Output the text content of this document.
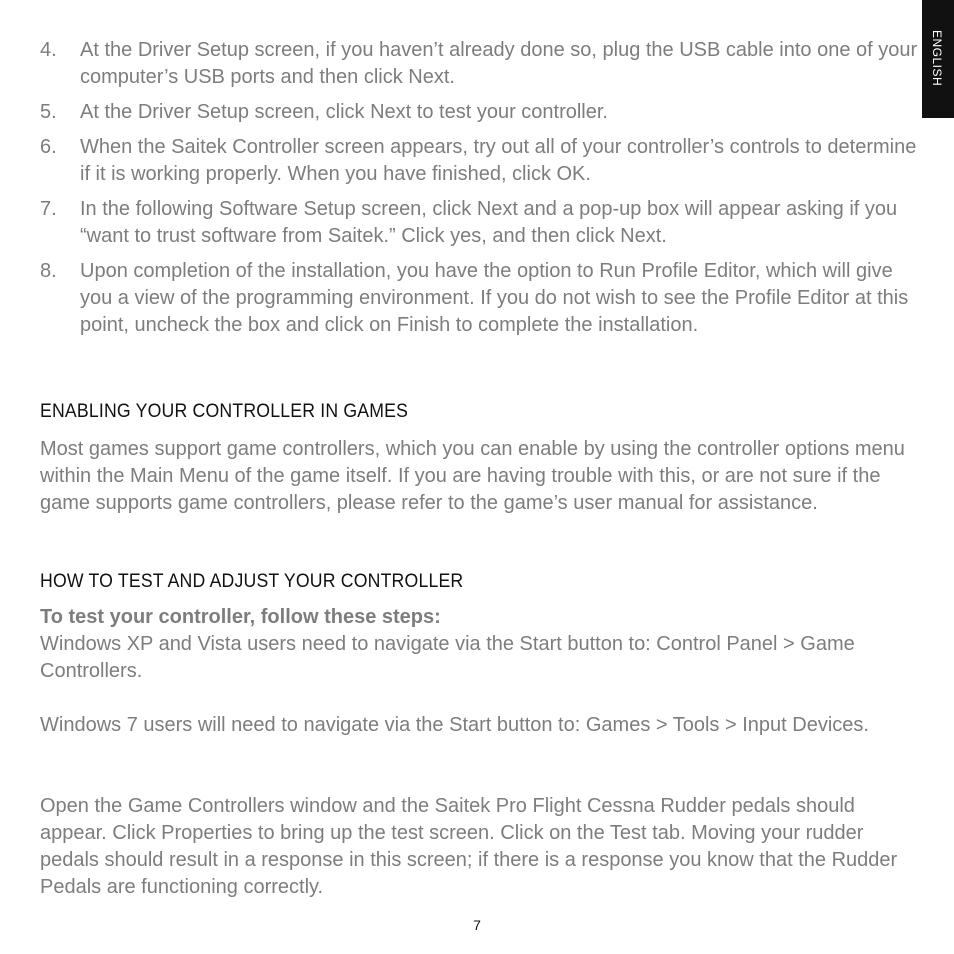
ENGLISH
4. At the Driver Setup screen, if you haven’t already done so, plug the USB cable into one of your computer’s USB ports and then click Next.
5. At the Driver Setup screen, click Next to test your controller.
6. When the Saitek Controller screen appears, try out all of your controller’s controls to determine if it is working properly. When you have finished, click OK.
7. In the following Software Setup screen, click Next and a pop-up box will appear asking if you “want to trust software from Saitek.” Click yes, and then click Next.
8. Upon completion of the installation, you have the option to Run Profile Editor, which will give you a view of the programming environment. If you do not wish to see the Profile Editor at this point, uncheck the box and click on Finish to complete the installation.
ENABLING YOUR CONTROLLER IN GAMES

Most games support game controllers, which you can enable by using the controller options menu within the Main Menu of the game itself. If you are having trouble with this, or are not sure if the game supports game controllers, please refer to the game’s user manual for assistance.

HOW TO TEST AND ADJUST YOUR CONTROLLER

To test your controller, follow these steps:

Windows XP and Vista users need to navigate via the Start button to: Control Panel > Game Controllers.

Windows 7 users will need to navigate via the Start button to: Games > Tools > Input Devices.

Open the Game Controllers window and the Saitek Pro Flight Cessna Rudder pedals should appear. Click Properties to bring up the test screen. Click on the Test tab. Moving your rudder pedals should result in a response in this screen; if there is a response you know that the Rudder Pedals are functioning correctly.

7
